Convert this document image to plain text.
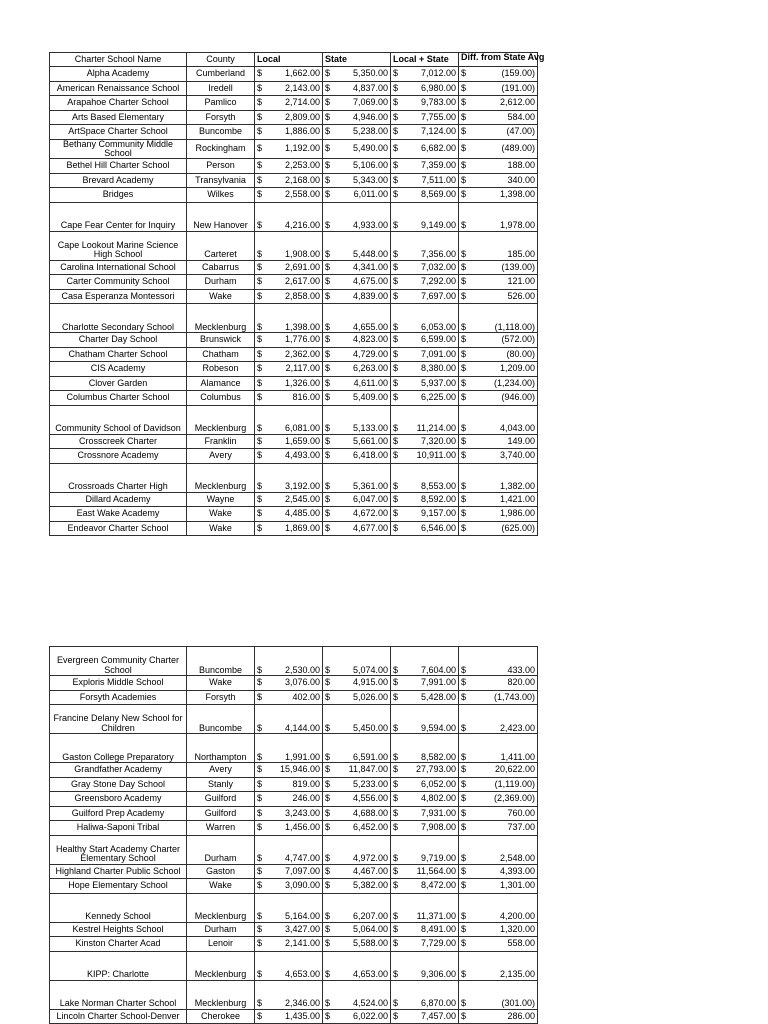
Charter School Name	County	Local	State	Local + State	Diff. from State Avg

Alpha Academy	Cumberland	$ 1,662.00	$ 5,350.00	$ 7,012.00	$ (159.00)

American Renaissance School	Iredell	$ 2,143.00	$ 4,837.00	$ 6,980.00	$ (191.00)

Arapahoe Charter School	Pamlico	$ 2,714.00	$ 7,069.00	$ 9,783.00	$ 2,612.00

Arts Based Elementary	Forsyth	$ 2,809.00	$ 4,946.00	$ 7,755.00	$ 584.00

ArtSpace Charter School	Buncombe	$ 1,886.00	$ 5,238.00	$ 7,124.00	$ (47.00)

Bethany Community Middle School	Rockingham	$ 1,192.00	$ 5,490.00	$ 6,682.00	$ (489.00)

Bethel Hill Charter School	Person	$ 2,253.00	$ 5,106.00	$ 7,359.00	$ 188.00

Brevard Academy	Transylvania	$ 2,168.00	$ 5,343.00	$ 7,511.00	$ 340.00

Bridges	Wilkes	$ 2,558.00	$ 6,011.00	$ 8,569.00	$ 1,398.00

Cape Fear Center for Inquiry	New Hanover	$ 4,216.00	$ 4,933.00	$ 9,149.00	$ 1,978.00

Cape Lookout Marine Science High School	Carteret	$ 1,908.00	$ 5,448.00	$ 7,356.00	$ 185.00

Carolina International School	Cabarrus	$ 2,691.00	$ 4,341.00	$ 7,032.00	$ (139.00)

Carter Community School	Durham	$ 2,617.00	$ 4,675.00	$ 7,292.00	$ 121.00

Casa Esperanza Montessori	Wake	$ 2,858.00	$ 4,839.00	$ 7,697.00	$ 526.00

Charlotte Secondary School	Mecklenburg	$ 1,398.00	$ 4,655.00	$ 6,053.00	$ (1,118.00)

Charter Day School	Brunswick	$ 1,776.00	$ 4,823.00	$ 6,599.00	$ (572.00)

Chatham Charter School	Chatham	$ 2,362.00	$ 4,729.00	$ 7,091.00	$ (80.00)

CIS Academy	Robeson	$ 2,117.00	$ 6,263.00	$ 8,380.00	$ 1,209.00

Clover Garden	Alamance	$ 1,326.00	$ 4,611.00	$ 5,937.00	$ (1,234.00)

Columbus Charter School	Columbus	$ 816.00	$ 5,409.00	$ 6,225.00	$ (946.00)

Community School of Davidson	Mecklenburg	$ 6,081.00	$ 5,133.00	$ 11,214.00	$ 4,043.00

Crosscreek Charter	Franklin	$ 1,659.00	$ 5,661.00	$ 7,320.00	$ 149.00

Crossnore Academy	Avery	$ 4,493.00	$ 6,418.00	$ 10,911.00	$ 3,740.00

Crossroads Charter High	Mecklenburg	$ 3,192.00	$ 5,361.00	$ 8,553.00	$ 1,382.00

Dillard Academy	Wayne	$ 2,545.00	$ 6,047.00	$ 8,592.00	$ 1,421.00

East Wake Academy	Wake	$ 4,485.00	$ 4,672.00	$ 9,157.00	$ 1,986.00

Endeavor Charter School	Wake	$ 1,869.00	$ 4,677.00	$ 6,546.00	$ (625.00)
Evergreen Community Charter School	Buncombe	$ 2,530.00	$ 5,074.00	$ 7,604.00	$ 433.00

Exploris Middle School	Wake	$ 3,076.00	$ 4,915.00	$ 7,991.00	$ 820.00

Forsyth Academies	Forsyth	$ 402.00	$ 5,026.00	$ 5,428.00	$ (1,743.00)

Francine Delany New School for Children	Buncombe	$ 4,144.00	$ 5,450.00	$ 9,594.00	$ 2,423.00

Gaston College Preparatory	Northampton	$ 1,991.00	$ 6,591.00	$ 8,582.00	$ 1,411.00

Grandfather Academy	Avery	$ 15,946.00	$ 11,847.00	$ 27,793.00	$ 20,622.00

Gray Stone Day School	Stanly	$ 819.00	$ 5,233.00	$ 6,052.00	$ (1,119.00)

Greensboro Academy	Guilford	$ 246.00	$ 4,556.00	$ 4,802.00	$ (2,369.00)

Guilford Prep Academy	Guilford	$ 3,243.00	$ 4,688.00	$ 7,931.00	$ 760.00

Haliwa-Saponi Tribal	Warren	$ 1,456.00	$ 6,452.00	$ 7,908.00	$ 737.00

Healthy Start Academy Charter Elementary School	Durham	$ 4,747.00	$ 4,972.00	$ 9,719.00	$ 2,548.00

Highland Charter Public School	Gaston	$ 7,097.00	$ 4,467.00	$ 11,564.00	$ 4,393.00

Hope Elementary School	Wake	$ 3,090.00	$ 5,382.00	$ 8,472.00	$ 1,301.00

Kennedy School	Mecklenburg	$ 5,164.00	$ 6,207.00	$ 11,371.00	$ 4,200.00

Kestrel Heights School	Durham	$ 3,427.00	$ 5,064.00	$ 8,491.00	$ 1,320.00

Kinston Charter Acad	Lenoir	$ 2,141.00	$ 5,588.00	$ 7,729.00	$ 558.00

KIPP: Charlotte	Mecklenburg	$ 4,653.00	$ 4,653.00	$ 9,306.00	$ 2,135.00

Lake Norman Charter School	Mecklenburg	$ 2,346.00	$ 4,524.00	$ 6,870.00	$ (301.00)

Lincoln Charter School-Denver	Cherokee	$ 1,435.00	$ 6,022.00	$ 7,457.00	$ 286.00
